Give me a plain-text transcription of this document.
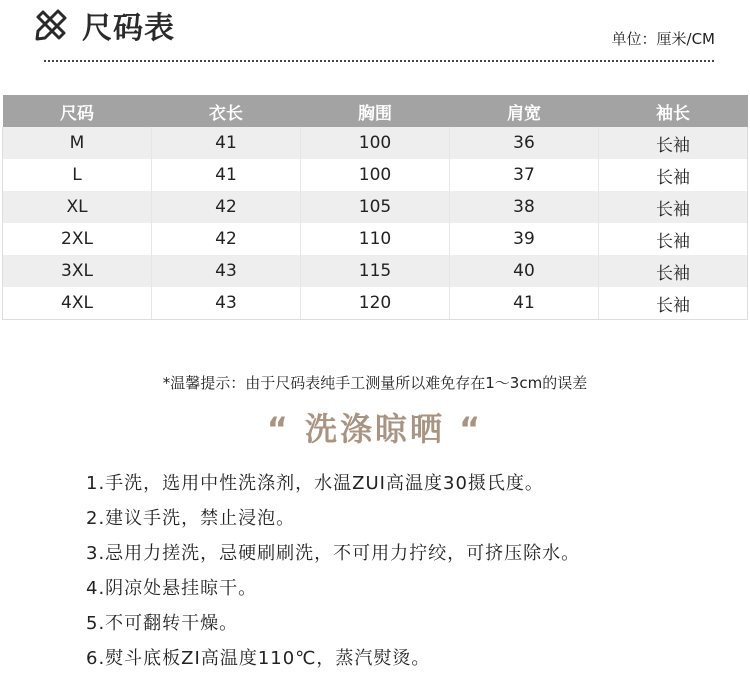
尺码表	单位：厘米/CM
尺码	衣长	胸围	肩宽	袖长
M	41	100	36	长袖
L	41	100	37	长袖
XL	42	105	38	长袖
2XL	42	110	39	长袖
3XL	43	115	40	长袖
4XL	43	120	41	长袖
*温馨提示：由于尺码表纯手工测量所以难免存在1～3cm的误差
“ 洗涤晾晒 “
1.手洗，选用中性洗涤剂，水温ZUI高温度30摄氏度。
2.建议手洗，禁止浸泡。
3.忌用力搓洗，忌硬刷刷洗，不可用力拧绞，可挤压除水。
4.阴凉处悬挂晾干。
5.不可翻转干燥。
6.熨斗底板ZI高温度110℃，蒸汽熨烫。
